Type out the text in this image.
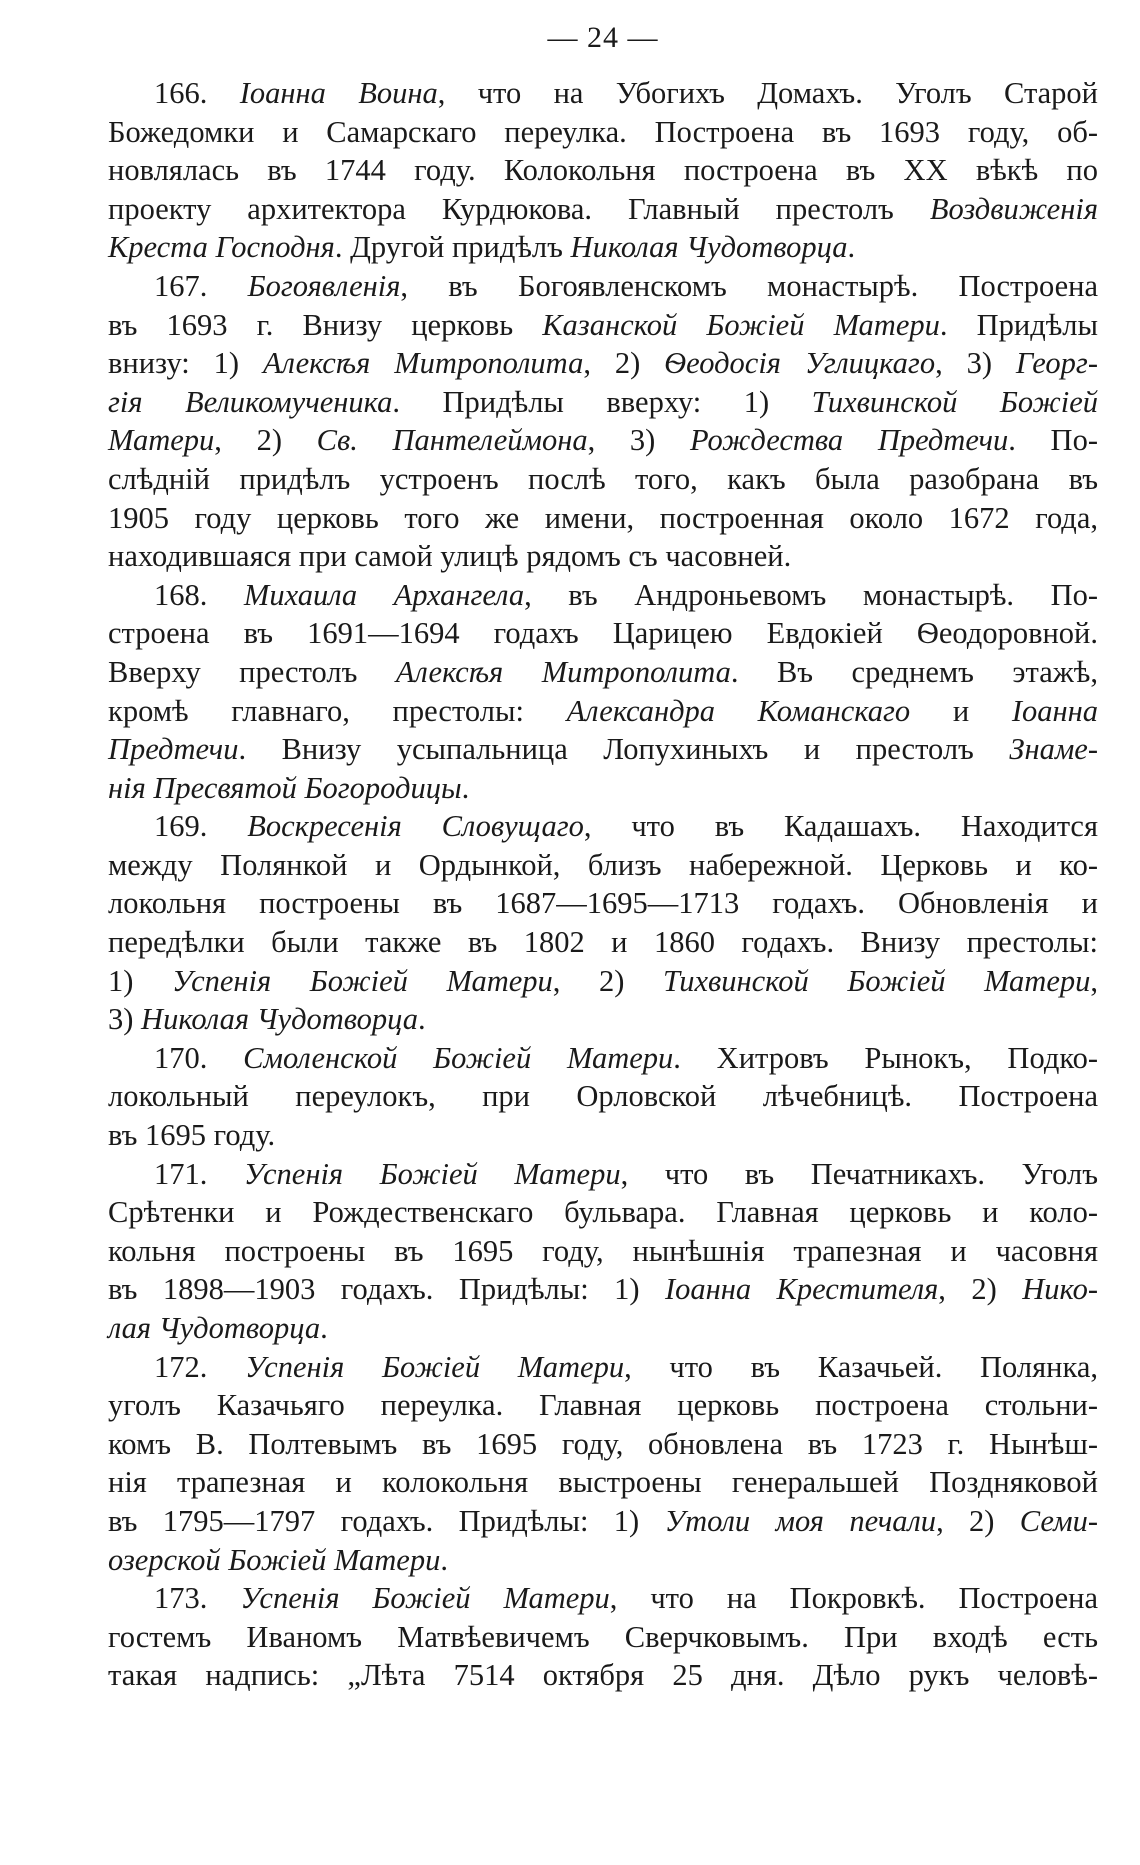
— 24 —
166. Іоанна Воина, что на Убогихъ Домахъ. Уголъ Старой
Божедомки и Самарскаго переулка. Построена въ 1693 году, об-
новлялась въ 1744 году. Колокольня построена въ XX вѣкѣ по
проекту архитектора Курдюкова. Главный престолъ Воздвиженія
Креста Господня. Другой придѣлъ Николая Чудотворца.
167. Богоявленія, въ Богоявленскомъ монастырѣ. Построена
въ 1693 г. Внизу церковь Казанской Божіей Матери. Придѣлы
внизу: 1) Алексѣя Митрополита, 2) Ѳеодосія Углицкаго, 3) Георг-
гія Великомученика. Придѣлы вверху: 1) Тихвинской Божіей
Матери, 2) Св. Пантелеймона, 3) Рождества Предтечи. По-
слѣдній придѣлъ устроенъ послѣ того, какъ была разобрана въ
1905 году церковь того же имени, построенная около 1672 года,
находившаяся при самой улицѣ рядомъ съ часовней.
168. Михаила Архангела, въ Андроньевомъ монастырѣ. По-
строена въ 1691—1694 годахъ Царицею Евдокіей Ѳеодоровной.
Вверху престолъ Алексѣя Митрополита. Въ среднемъ этажѣ,
кромѣ главнаго, престолы: Александра Команскаго и Іоанна
Предтечи. Внизу усыпальница Лопухиныхъ и престолъ Знаме-
нія Пресвятой Богородицы.
169. Воскресенія Словущаго, что въ Кадашахъ. Находится
между Полянкой и Ордынкой, близъ набережной. Церковь и ко-
локольня построены въ 1687—1695—1713 годахъ. Обновленія и
передѣлки были также въ 1802 и 1860 годахъ. Внизу престолы:
1) Успенія Божіей Матери, 2) Тихвинской Божіей Матери,
3) Николая Чудотворца.
170. Смоленской Божіей Матери. Хитровъ Рынокъ, Подко-
локольный переулокъ, при Орловской лѣчебницѣ. Построена
въ 1695 году.
171. Успенія Божіей Матери, что въ Печатникахъ. Уголъ
Срѣтенки и Рождественскаго бульвара. Главная церковь и коло-
кольня построены въ 1695 году, нынѣшнія трапезная и часовня
въ 1898—1903 годахъ. Придѣлы: 1) Іоанна Крестителя, 2) Нико-
лая Чудотворца.
172. Успенія Божіей Матери, что въ Казачьей. Полянка,
уголъ Казачьяго переулка. Главная церковь построена стольни-
комъ В. Полтевымъ въ 1695 году, обновлена въ 1723 г. Нынѣш-
нія трапезная и колокольня выстроены генеральшей Поздняковой
въ 1795—1797 годахъ. Придѣлы: 1) Утоли моя печали, 2) Семи-
озерской Божіей Матери.
173. Успенія Божіей Матери, что на Покровкѣ. Построена
гостемъ Иваномъ Матвѣевичемъ Сверчковымъ. При входѣ есть
такая надпись: „Лѣта 7514 октября 25 дня. Дѣло рукъ человѣ-
